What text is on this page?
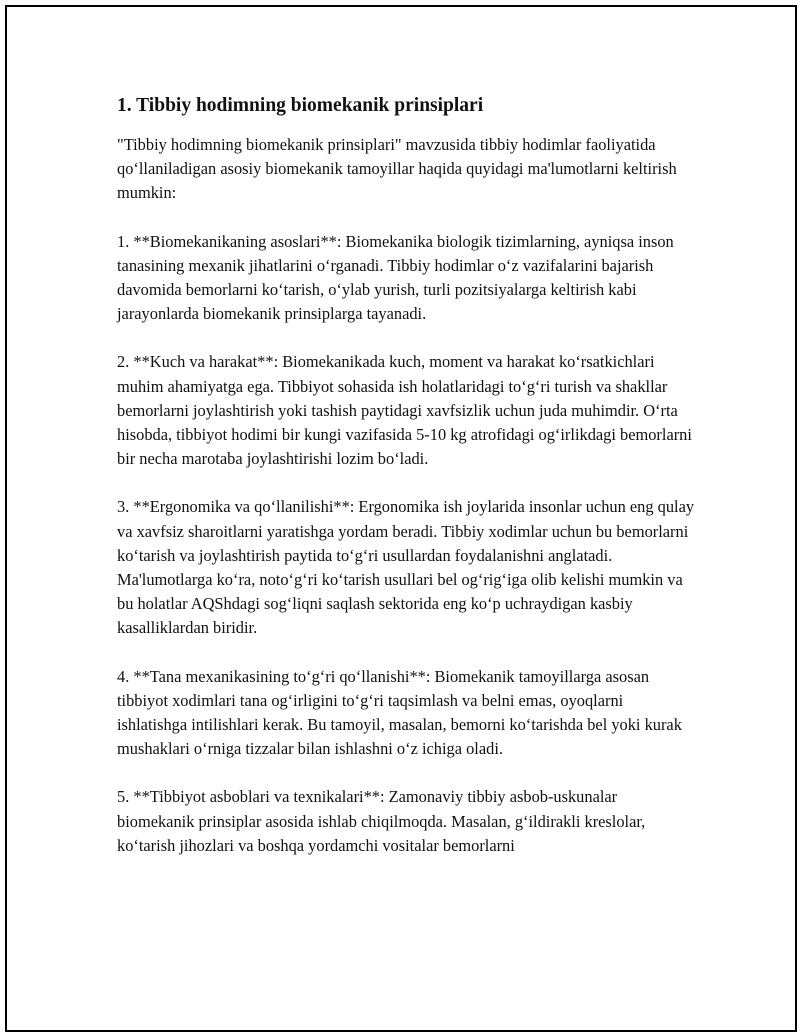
1. Tibbiy hodimning biomekanik prinsiplari

"Tibbiy hodimning biomekanik prinsiplari" mavzusida tibbiy hodimlar faoliyatida qo‘llaniladigan asosiy biomekanik tamoyillar haqida quyidagi ma'lumotlarni keltirish mumkin:

1. **Biomekanikaning asoslari**: Biomekanika biologik tizimlarning, ayniqsa inson tanasining mexanik jihatlarini o‘rganadi. Tibbiy hodimlar o‘z vazifalarini bajarish davomida bemorlarni ko‘tarish, o‘ylab yurish, turli pozitsiyalarga keltirish kabi jarayonlarda biomekanik prinsiplarga tayanadi.

2. **Kuch va harakat**: Biomekanikada kuch, moment va harakat ko‘rsatkichlari muhim ahamiyatga ega. Tibbiyot sohasida ish holatlaridagi to‘g‘ri turish va shakllar bemorlarni joylashtirish yoki tashish paytidagi xavfsizlik uchun juda muhimdir. O‘rta hisobda, tibbiyot hodimi bir kungi vazifasida 5-10 kg atrofidagi og‘irlikdagi bemorlarni bir necha marotaba joylashtirishi lozim bo‘ladi.

3. **Ergonomika va qo‘llanilishi**: Ergonomika ish joylarida insonlar uchun eng qulay va xavfsiz sharoitlarni yaratishga yordam beradi. Tibbiy xodimlar uchun bu bemorlarni ko‘tarish va joylashtirish paytida to‘g‘ri usullardan foydalanishni anglatadi. Ma'lumotlarga ko‘ra, noto‘g‘ri ko‘tarish usullari bel og‘rig‘iga olib kelishi mumkin va bu holatlar AQShdagi sog‘liqni saqlash sektorida eng ko‘p uchraydigan kasbiy kasalliklardan biridir.

4. **Tana mexanikasining to‘g‘ri qo‘llanishi**: Biomekanik tamoyillarga asosan tibbiyot xodimlari tana og‘irligini to‘g‘ri taqsimlash va belni emas, oyoqlarni ishlatishga intilishlari kerak. Bu tamoyil, masalan, bemorni ko‘tarishda bel yoki kurak mushaklari o‘rniga tizzalar bilan ishlashni o‘z ichiga oladi.

5. **Tibbiyot asboblari va texnikalari**: Zamonaviy tibbiy asbob-uskunalar biomekanik prinsiplar asosida ishlab chiqilmoqda. Masalan, g‘ildirakli kreslolar, ko‘tarish jihozlari va boshqa yordamchi vositalar bemorlarni
